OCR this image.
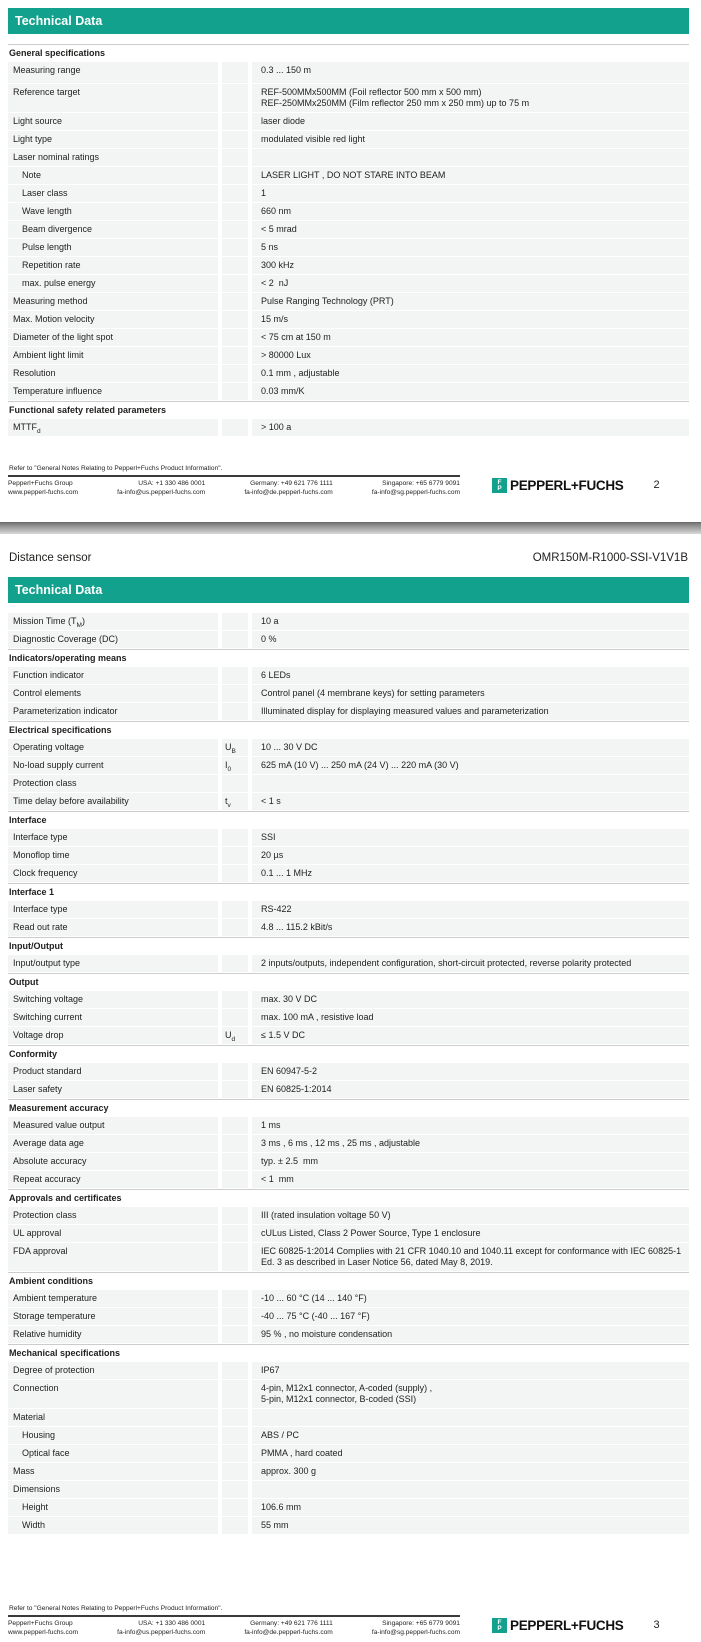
Technical Data
General specifications
Measuring range	0.3 ... 150 m
Reference target	REF-500MMx500MM (Foil reflector 500 mm x 500 mm)
REF-250MMx250MM (Film reflector 250 mm x 250 mm) up to 75 m
Light source	laser diode
Light type	modulated visible red light
Laser nominal ratings
Note	LASER LIGHT , DO NOT STARE INTO BEAM
Laser class	1
Wave length	660 nm
Beam divergence	< 5 mrad
Pulse length	5 ns
Repetition rate	300 kHz
max. pulse energy	< 2  nJ
Measuring method	Pulse Ranging Technology (PRT)
Max. Motion velocity	15 m/s
Diameter of the light spot	< 75 cm at 150 m
Ambient light limit	> 80000 Lux
Resolution	0.1 mm , adjustable
Temperature influence	0.03 mm/K
Functional safety related parameters
$MTTF_d$	> 100 a
Refer to "General Notes Relating to Pepperl+Fuchs Product Information".
Pepperl+Fuchs Group
www.pepperl-fuchs.com
USA: +1 330 486 0001
fa-info@us.pepperl-fuchs.com
Germany: +49 621 776 1111
fa-info@de.pepperl-fuchs.com
Singapore: +65 6779 9091
fa-info@sg.pepperl-fuchs.com
F
P PEPPERL+FUCHS	2
Distance sensor	OMR150M-R1000-SSI-V1V1B
Technical Data
Mission Time $(T_M)$	10 a
Diagnostic Coverage (DC)	0 %
Indicators/operating means
Function indicator	6 LEDs
Control elements	Control panel (4 membrane keys) for setting parameters
Parameterization indicator	Illuminated display for displaying measured values and parameterization
Electrical specifications
Operating voltage	$U_B$	10 ... 30 V DC
No-load supply current	$I_0$	625 mA (10 V) ... 250 mA (24 V) ... 220 mA (30 V)
Protection class
Time delay before availability	$t_v$	< 1 s
Interface
Interface type	SSI
Monoflop time	20 µs
Clock frequency	0.1 ... 1 MHz
Interface 1
Interface type	RS-422
Read out rate	4.8 ... 115.2 kBit/s
Input/Output
Input/output type	2 inputs/outputs, independent configuration, short-circuit protected, reverse polarity protected
Output
Switching voltage	max. 30 V DC
Switching current	max. 100 mA , resistive load
Voltage drop	$U_d$	≤ 1.5 V DC
Conformity
Product standard	EN 60947-5-2
Laser safety	EN 60825-1:2014
Measurement accuracy
Measured value output	1 ms
Average data age	3 ms , 6 ms , 12 ms , 25 ms , adjustable
Absolute accuracy	typ. ± 2.5  mm
Repeat accuracy	< 1  mm
Approvals and certificates
Protection class	III (rated insulation voltage 50 V)
UL approval	cULus Listed, Class 2 Power Source, Type 1 enclosure
FDA approval	IEC 60825-1:2014 Complies with 21 CFR 1040.10 and 1040.11 except for conformance with IEC 60825-1 Ed. 3 as described in Laser Notice 56, dated May 8, 2019.
Ambient conditions
Ambient temperature	-10 ... 60 °C (14 ... 140 °F)
Storage temperature	-40 ... 75 °C (-40 ... 167 °F)
Relative humidity	95 % , no moisture condensation
Mechanical specifications
Degree of protection	IP67
Connection	4-pin, M12x1 connector, A-coded (supply) ,
5-pin, M12x1 connector, B-coded (SSI)
Material
Housing	ABS / PC
Optical face	PMMA , hard coated
Mass	approx. 300 g
Dimensions
Height	106.6 mm
Width	55 mm
Refer to "General Notes Relating to Pepperl+Fuchs Product Information".
Pepperl+Fuchs Group
www.pepperl-fuchs.com
USA: +1 330 486 0001
fa-info@us.pepperl-fuchs.com
Germany: +49 621 776 1111
fa-info@de.pepperl-fuchs.com
Singapore: +65 6779 9091
fa-info@sg.pepperl-fuchs.com
F
P PEPPERL+FUCHS	3
